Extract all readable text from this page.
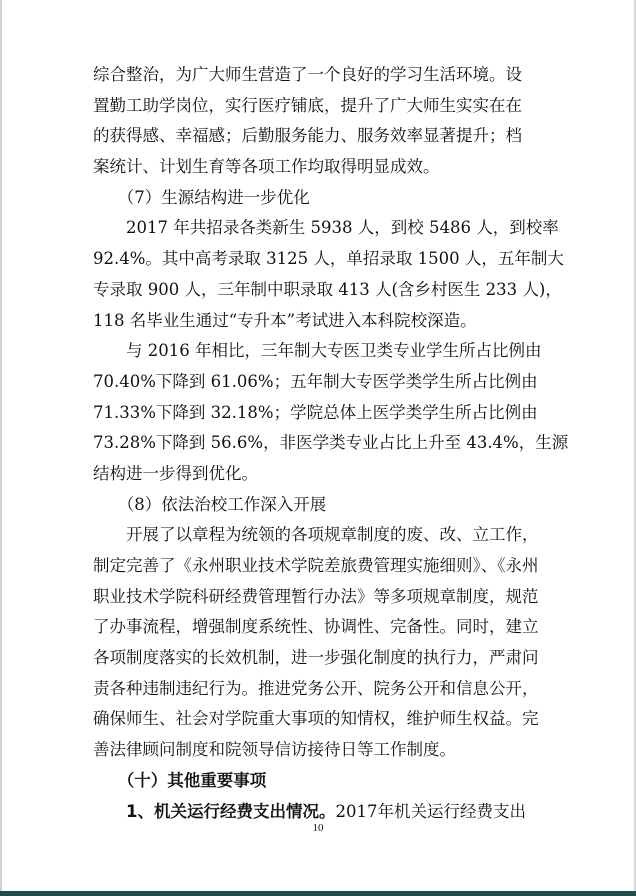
综合整治，为广大师生营造了一个良好的学习生活环境。设
置勤工助学岗位，实行医疗铺底，提升了广大师生实实在在
的获得感、幸福感；后勤服务能力、服务效率显著提升；档
案统计、计划生育等各项工作均取得明显成效。
　　（7）生源结构进一步优化
　　2017 年共招录各类新生 5938 人，到校 5486 人，到校率
92.4%。其中高考录取 3125 人，单招录取 1500 人，五年制大
专录取 900 人，三年制中职录取 413 人(含乡村医生 233 人)，
118 名毕业生通过“专升本”考试进入本科院校深造。
　　与 2016 年相比，三年制大专医卫类专业学生所占比例由
70.40%下降到 61.06%；五年制大专医学类学生所占比例由
71.33%下降到 32.18%；学院总体上医学类学生所占比例由
73.28%下降到 56.6%，非医学类专业占比上升至 43.4%，生源
结构进一步得到优化。
　　（8）依法治校工作深入开展
　　开展了以章程为统领的各项规章制度的废、改、立工作，
制定完善了《永州职业技术学院差旅费管理实施细则》、《永州
职业技术学院科研经费管理暂行办法》等多项规章制度，规范
了办事流程，增强制度系统性、协调性、完备性。同时，建立
各项制度落实的长效机制，进一步强化制度的执行力，严肃问
责各种违制违纪行为。推进党务公开、院务公开和信息公开，
确保师生、社会对学院重大事项的知情权，维护师生权益。完
善法律顾问制度和院领导信访接待日等工作制度。
　　（十）其他重要事项
　　1、机关运行经费支出情况。2017年机关运行经费支出
10
